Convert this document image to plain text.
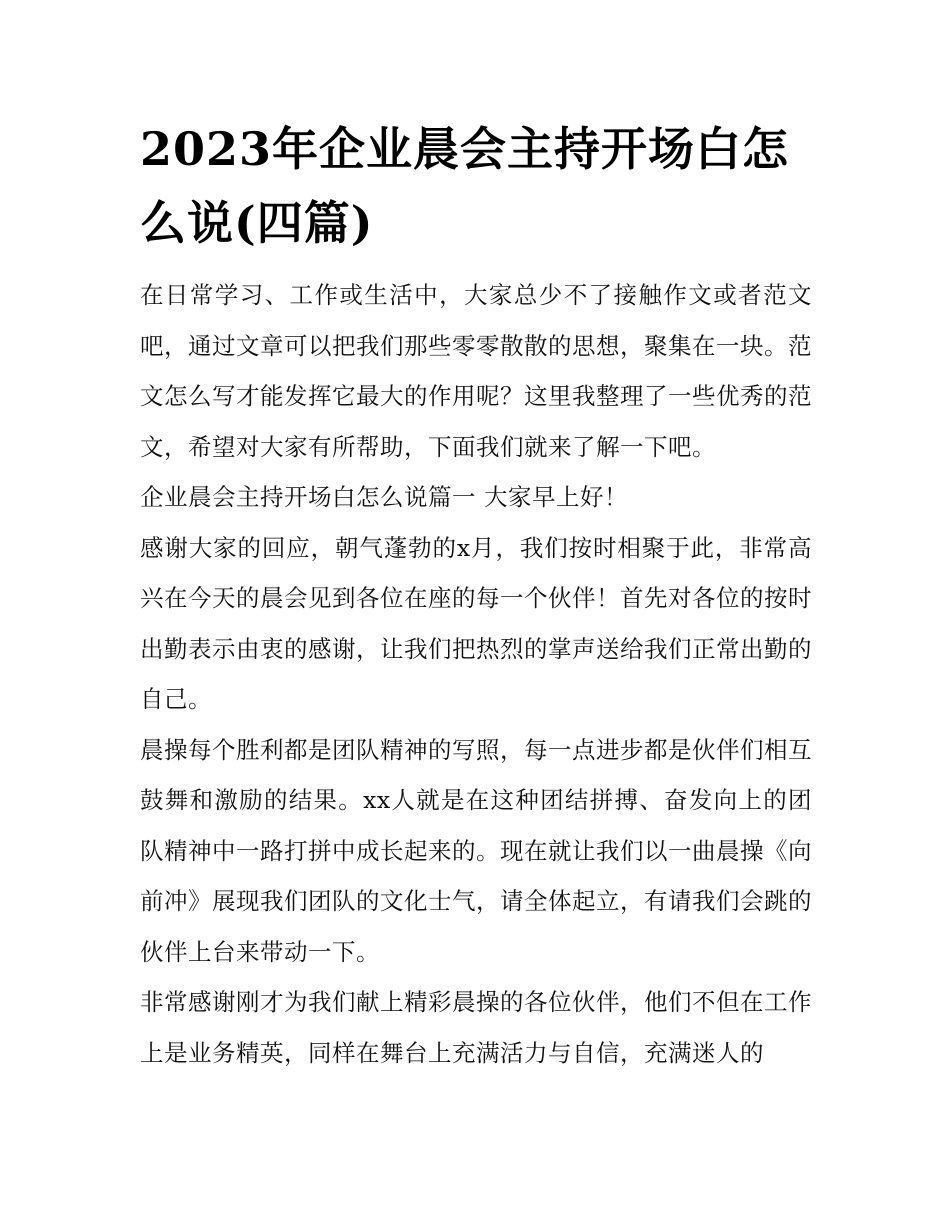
2023年企业晨会主持开场白怎么说(四篇)

在日常学习、工作或生活中，大家总少不了接触作文或者范文吧，通过文章可以把我们那些零零散散的思想，聚集在一块。范文怎么写才能发挥它最大的作用呢？这里我整理了一些优秀的范文，希望对大家有所帮助，下面我们就来了解一下吧。

企业晨会主持开场白怎么说篇一 大家早上好！

感谢大家的回应，朝气蓬勃的x月，我们按时相聚于此，非常高兴在今天的晨会见到各位在座的每一个伙伴！首先对各位的按时出勤表示由衷的感谢，让我们把热烈的掌声送给我们正常出勤的自己。

晨操每个胜利都是团队精神的写照，每一点进步都是伙伴们相互鼓舞和激励的结果。xx人就是在这种团结拼搏、奋发向上的团队精神中一路打拼中成长起来的。现在就让我们以一曲晨操《向前冲》展现我们团队的文化士气，请全体起立，有请我们会跳的伙伴上台来带动一下。

非常感谢刚才为我们献上精彩晨操的各位伙伴，他们不但在工作上是业务精英，同样在舞台上充满活力与自信，充满迷人的
